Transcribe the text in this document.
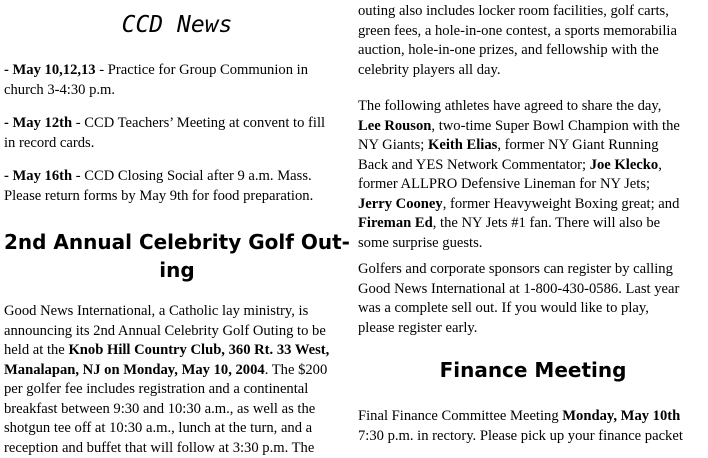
CCD News

- May 10,12,13 - Practice for Group Communion in

church 3-4:30 p.m.

- May 12th - CCD Teachers’ Meeting at convent to fill

in record cards.

- May 16th - CCD Closing Social after 9 a.m. Mass.

Please return forms by May 9th for food preparation.

2nd Annual Celebrity Golf Out-
ing

Good News International, a Catholic lay ministry, is

announcing its 2nd Annual Celebrity Golf Outing to be

held at the Knob Hill Country Club, 360 Rt. 33 West,

Manalapan, NJ on Monday, May 10, 2004. The $200

per golfer fee includes registration and a continental

breakfast between 9:30 and 10:30 a.m., as well as the

shotgun tee off at 10:30 a.m., lunch at the turn, and a

reception and buffet that will follow at 3:30 p.m. The

outing also includes locker room facilities, golf carts,

green fees, a hole-in-one contest, a sports memorabilia

auction, hole-in-one prizes, and fellowship with the

celebrity players all day.

The following athletes have agreed to share the day,

Lee Rouson, two-time Super Bowl Champion with the

NY Giants; Keith Elias, former NY Giant Running

Back and YES Network Commentator; Joe Klecko,

former ALLPRO Defensive Lineman for NY Jets;

Jerry Cooney, former Heavyweight Boxing great; and

Fireman Ed, the NY Jets #1 fan. There will also be

some surprise guests.

Golfers and corporate sponsors can register by calling

Good News International at 1-800-430-0586. Last year

was a complete sell out. If you would like to play,

please register early.

Finance Meeting

Final Finance Committee Meeting Monday, May 10th

7:30 p.m. in rectory. Please pick up your finance packet
